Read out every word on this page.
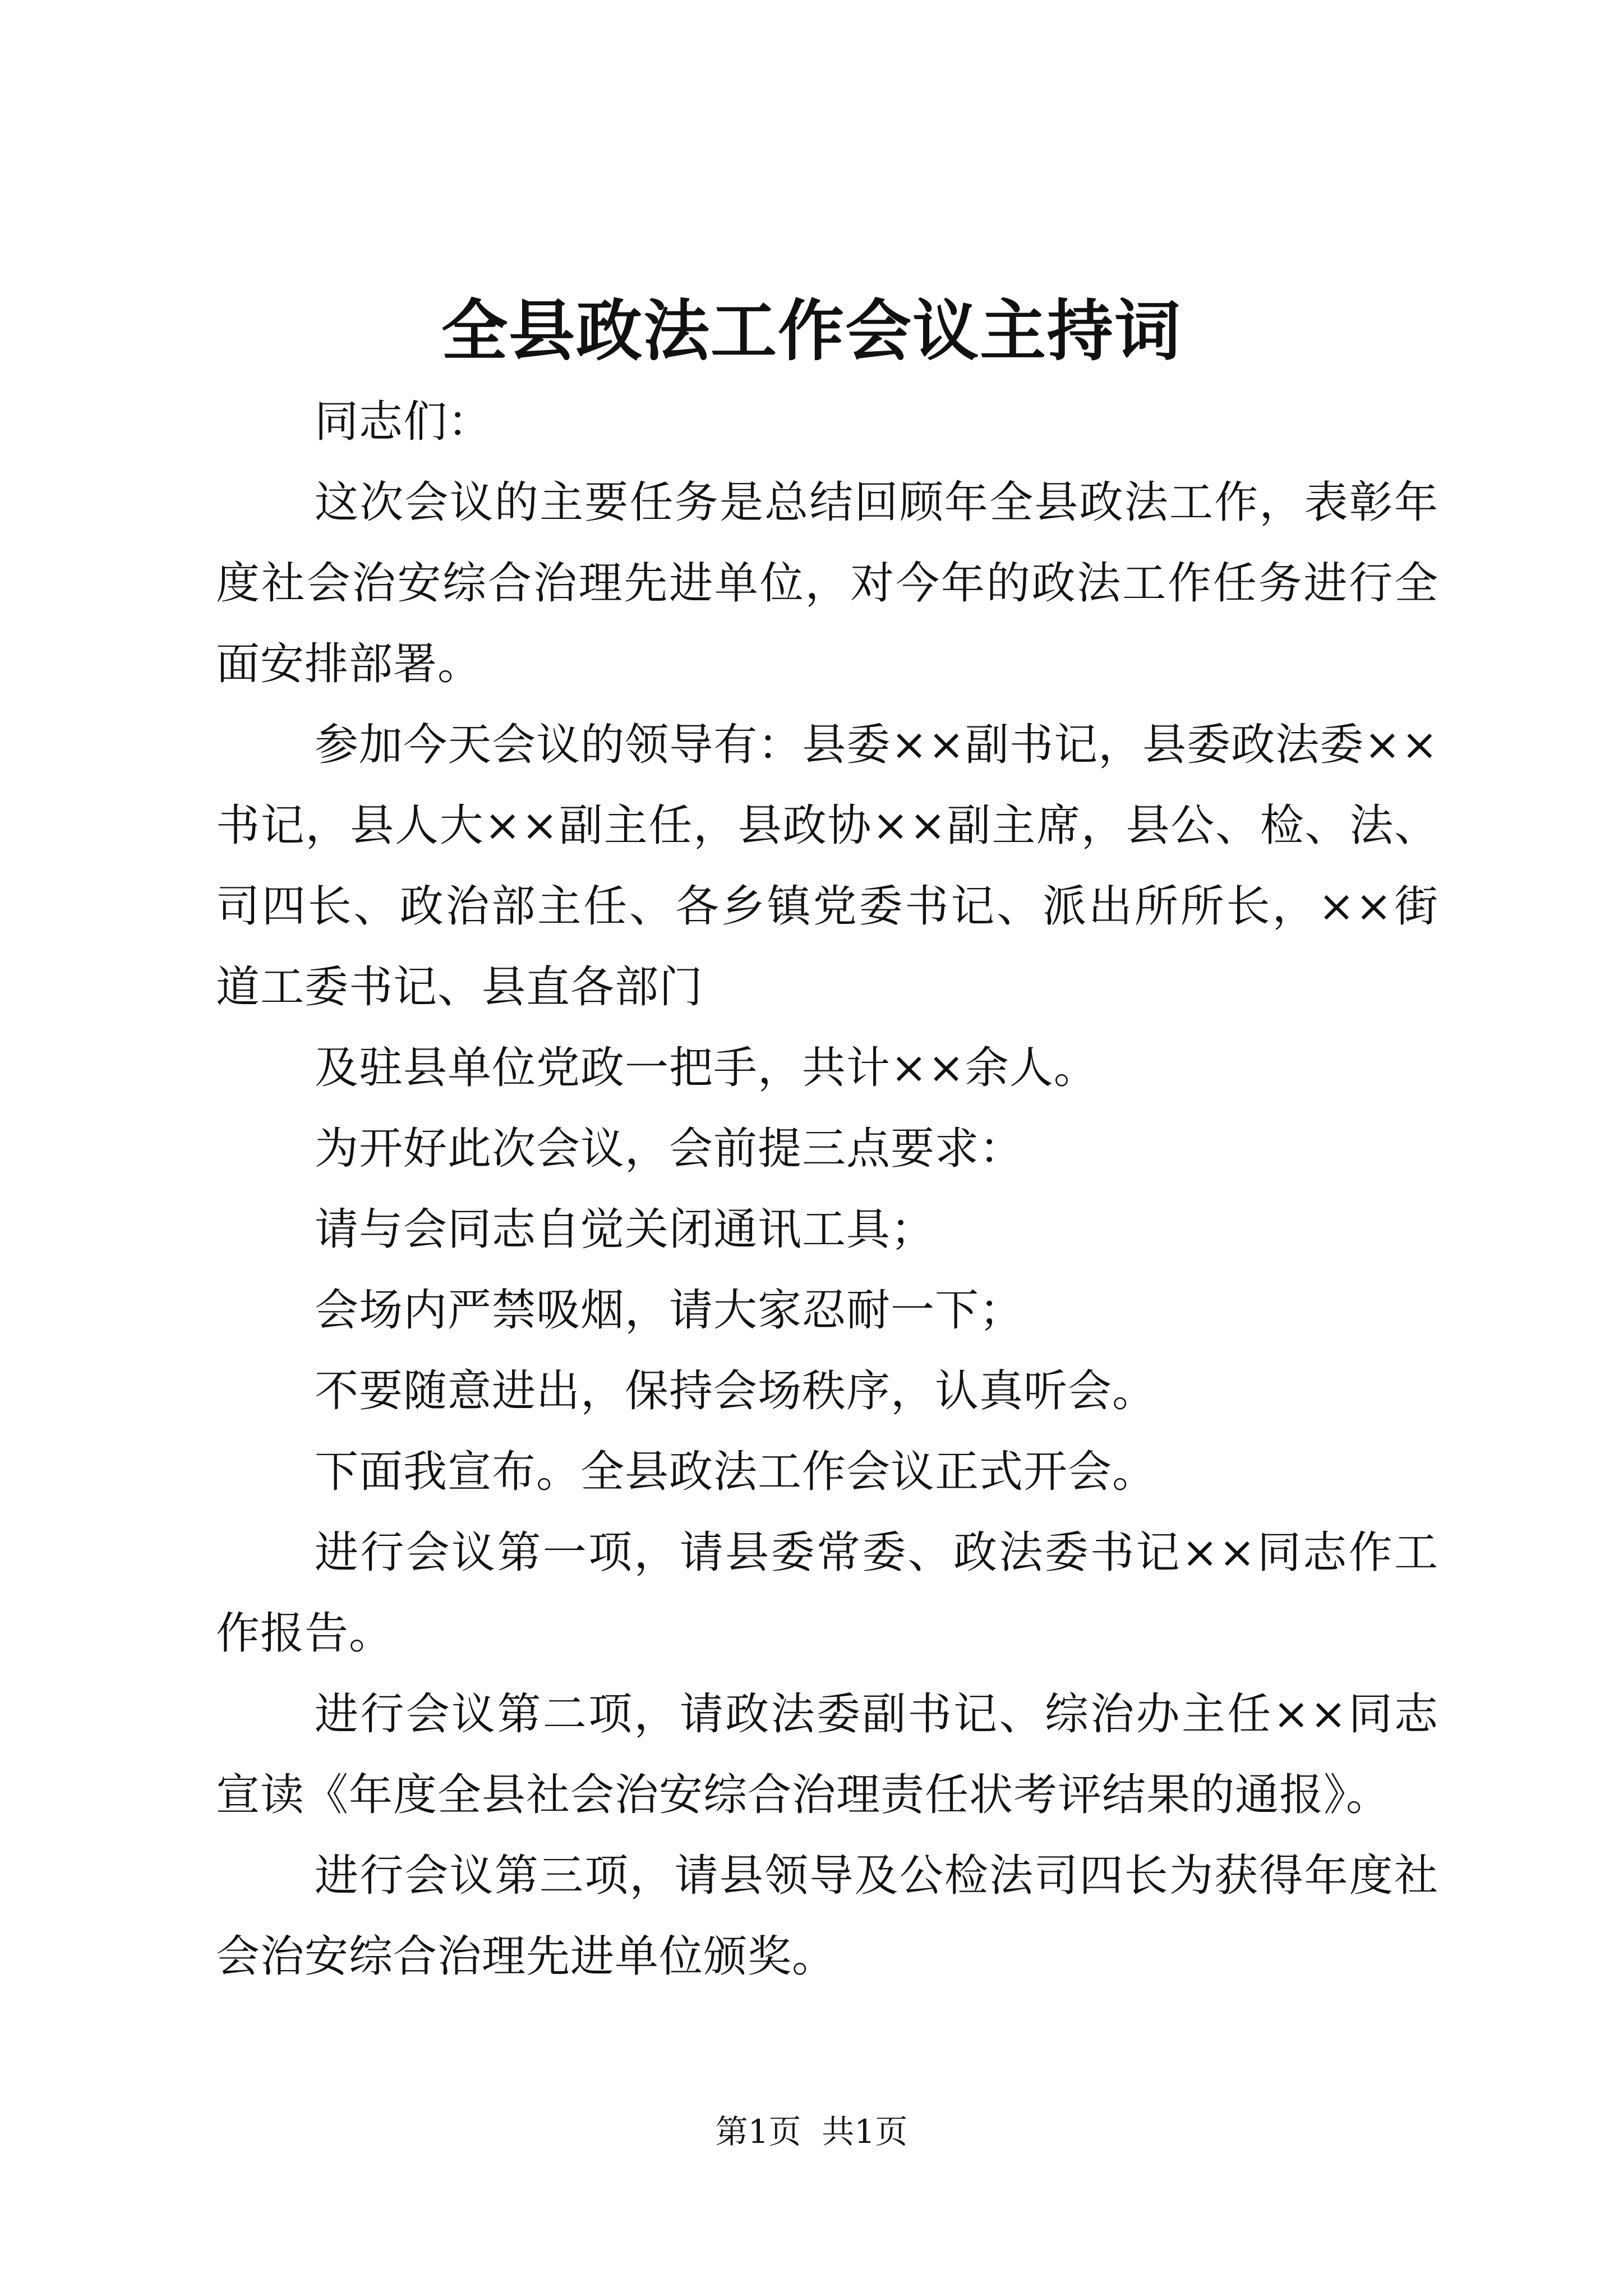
全县政法工作会议主持词

同志们：

这次会议的主要任务是总结回顾年全县政法工作，表彰年度社会治安综合治理先进单位，对今年的政法工作任务进行全面安排部署。

参加今天会议的领导有：县委××副书记，县委政法委××书记，县人大××副主任，县政协××副主席，县公、检、法、司四长、政治部主任、各乡镇党委书记、派出所所长，××街道工委书记、县直各部门

及驻县单位党政一把手，共计××余人。

为开好此次会议，会前提三点要求：

请与会同志自觉关闭通讯工具；

会场内严禁吸烟，请大家忍耐一下；

不要随意进出，保持会场秩序，认真听会。

下面我宣布。全县政法工作会议正式开会。

进行会议第一项，请县委常委、政法委书记××同志作工作报告。

进行会议第二项，请政法委副书记、综治办主任××同志宣读《年度全县社会治安综合治理责任状考评结果的通报》。

进行会议第三项，请县领导及公检法司四长为获得年度社会治安综合治理先进单位颁奖。

第1页  共1页
